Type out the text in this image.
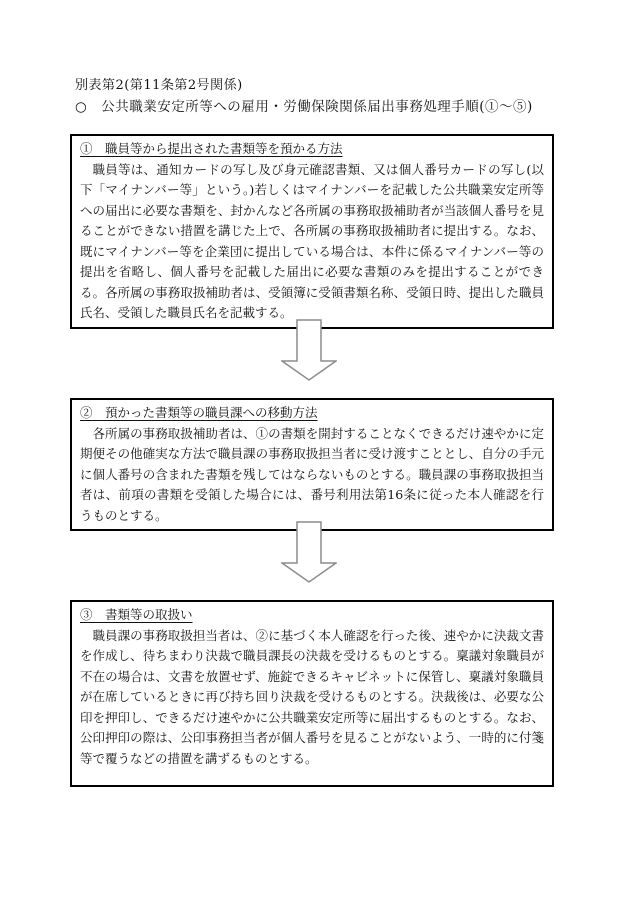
別表第2(第11条第2号関係)
○　公共職業安定所等への雇用・労働保険関係届出事務処理手順(①〜⑤)

①　職員等から提出された書類等を預かる方法

職員等は、通知カードの写し及び身元確認書類、又は個人番号カードの写し(以下「マイナンバー等」という。)若しくはマイナンバーを記載した公共職業安定所等への届出に必要な書類を、封かんなど各所属の事務取扱補助者が当該個人番号を見ることができない措置を講じた上で、各所属の事務取扱補助者に提出する。なお、既にマイナンバー等を企業団に提出している場合は、本件に係るマイナンバー等の提出を省略し、個人番号を記載した届出に必要な書類のみを提出することができる。各所属の事務取扱補助者は、受領簿に受領書類名称、受領日時、提出した職員氏名、受領した職員氏名を記載する。

②　預かった書類等の職員課への移動方法

各所属の事務取扱補助者は、①の書類を開封することなくできるだけ速やかに定期便その他確実な方法で職員課の事務取扱担当者に受け渡すこととし、自分の手元に個人番号の含まれた書類を残してはならないものとする。職員課の事務取扱担当者は、前項の書類を受領した場合には、番号利用法第16条に従った本人確認を行うものとする。

③　書類等の取扱い

職員課の事務取扱担当者は、②に基づく本人確認を行った後、速やかに決裁文書を作成し、待ちまわり決裁で職員課長の決裁を受けるものとする。稟議対象職員が不在の場合は、文書を放置せず、施錠できるキャビネットに保管し、稟議対象職員が在席しているときに再び持ち回り決裁を受けるものとする。決裁後は、必要な公印を押印し、できるだけ速やかに公共職業安定所等に届出するものとする。なお、公印押印の際は、公印事務担当者が個人番号を見ることがないよう、一時的に付箋等で覆うなどの措置を講ずるものとする。
